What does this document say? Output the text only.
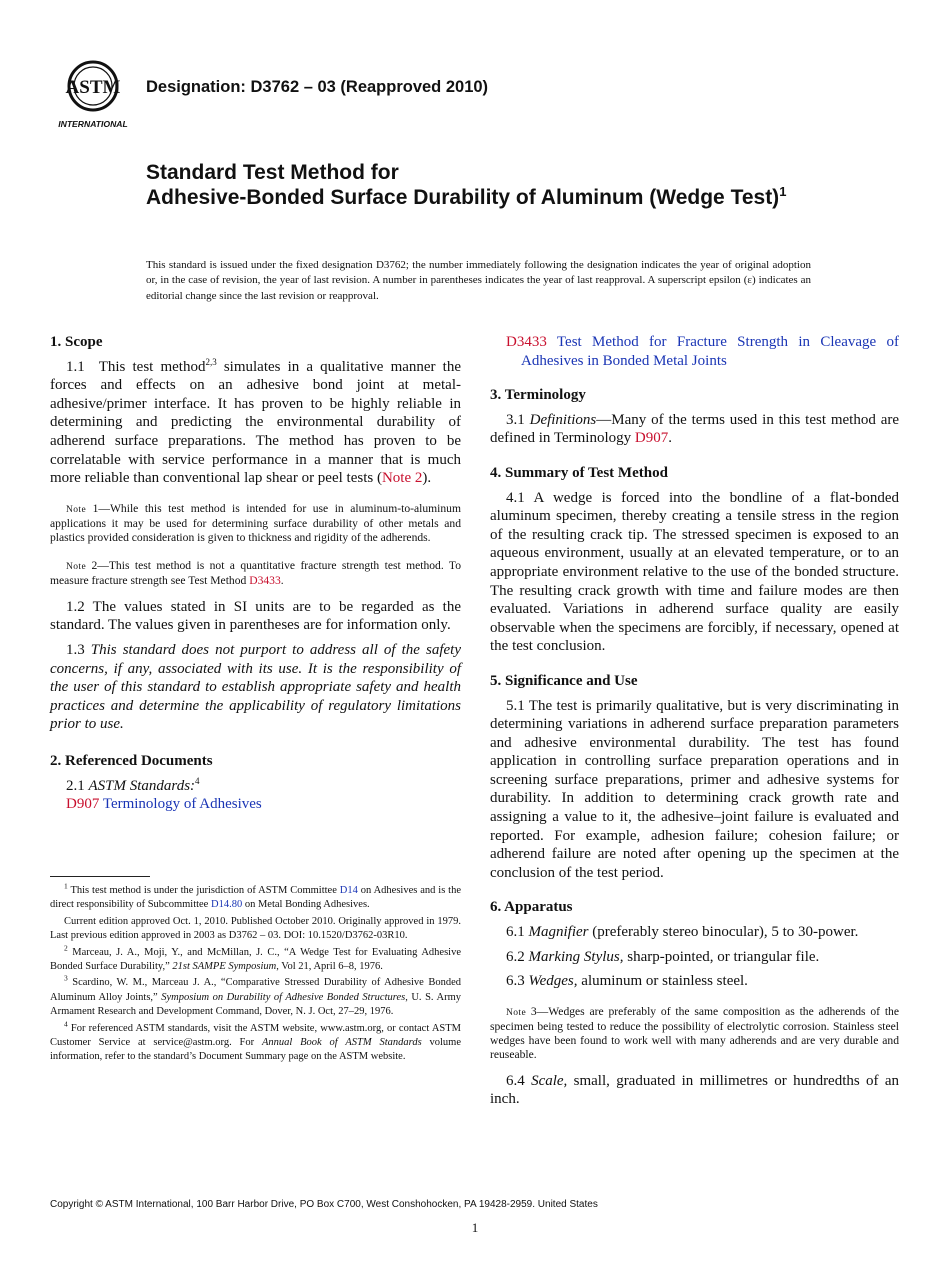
ASTM
INTERNATIONAL
Designation: D3762 – 03 (Reapproved 2010)
Standard Test Method for
Adhesive-Bonded Surface Durability of Aluminum (Wedge Test)$^1$
This standard is issued under the fixed designation D3762; the number immediately following the designation indicates the year of original adoption or, in the case of revision, the year of last revision. A number in parentheses indicates the year of last reapproval. A superscript epsilon (ε) indicates an editorial change since the last revision or reapproval.

1. Scope

1.1 This test method$^{2,3}$ simulates in a qualitative manner the forces and effects on an adhesive bond joint at metal-adhesive/primer interface. It has proven to be highly reliable in determining and predicting the environmental durability of adherend surface preparations. The method has proven to be correlatable with service performance in a manner that is much more reliable than conventional lap shear or peel tests (Note 2).

Note 1—While this test method is intended for use in aluminum-to-aluminum applications it may be used for determining surface durability of other metals and plastics provided consideration is given to thickness and rigidity of the adherends.

Note 2—This test method is not a quantitative fracture strength test method. To measure fracture strength see Test Method D3433.

1.2 The values stated in SI units are to be regarded as the standard. The values given in parentheses are for information only.

1.3 This standard does not purport to address all of the safety concerns, if any, associated with its use. It is the responsibility of the user of this standard to establish appropriate safety and health practices and determine the applicability of regulatory limitations prior to use.

2. Referenced Documents

2.1 ASTM Standards:$^4$

D907 Terminology of Adhesives

$^1$ This test method is under the jurisdiction of ASTM Committee D14 on Adhesives and is the direct responsibility of Subcommittee D14.80 on Metal Bonding Adhesives.

Current edition approved Oct. 1, 2010. Published October 2010. Originally approved in 1979. Last previous edition approved in 2003 as D3762 – 03. DOI: 10.1520/D3762-03R10.

$^2$ Marceau, J. A., Moji, Y., and McMillan, J. C., “A Wedge Test for Evaluating Adhesive Bonded Surface Durability,” 21st SAMPE Symposium, Vol 21, April 6–8, 1976.

$^3$ Scardino, W. M., Marceau J. A., “Comparative Stressed Durability of Adhesive Bonded Aluminum Alloy Joints,” Symposium on Durability of Adhesive Bonded Structures, U. S. Army Armament Research and Development Command, Dover, N. J. Oct, 27–29, 1976.

$^4$ For referenced ASTM standards, visit the ASTM website, www.astm.org, or contact ASTM Customer Service at service@astm.org. For Annual Book of ASTM Standards volume information, refer to the standard’s Document Summary page on the ASTM website.

D3433 Test Method for Fracture Strength in Cleavage of Adhesives in Bonded Metal Joints

3. Terminology

3.1 Definitions—Many of the terms used in this test method are defined in Terminology D907.

4. Summary of Test Method

4.1 A wedge is forced into the bondline of a flat-bonded aluminum specimen, thereby creating a tensile stress in the region of the resulting crack tip. The stressed specimen is exposed to an aqueous environment, usually at an elevated temperature, or to an appropriate environment relative to the use of the bonded structure. The resulting crack growth with time and failure modes are then evaluated. Variations in adherend surface quality are easily observable when the specimens are forcibly, if necessary, opened at the test conclusion.

5. Significance and Use

5.1 The test is primarily qualitative, but is very discriminating in determining variations in adherend surface preparation parameters and adhesive environmental durability. The test has found application in controlling surface preparation operations and in screening surface preparations, primer and adhesive systems for durability. In addition to determining crack growth rate and assigning a value to it, the adhesive–joint failure is evaluated and reported. For example, adhesion failure; cohesion failure; or adherend failure are noted after opening up the specimen at the conclusion of the test period.

6. Apparatus

6.1 Magnifier (preferably stereo binocular), 5 to 30-power.

6.2 Marking Stylus, sharp-pointed, or triangular file.

6.3 Wedges, aluminum or stainless steel.

Note 3—Wedges are preferably of the same composition as the adherends of the specimen being tested to reduce the possibility of electrolytic corrosion. Stainless steel wedges have been found to work well with many adherends and are very durable and reuseable.

6.4 Scale, small, graduated in millimetres or hundredths of an inch.

Copyright © ASTM International, 100 Barr Harbor Drive, PO Box C700, West Conshohocken, PA 19428-2959. United States
1
